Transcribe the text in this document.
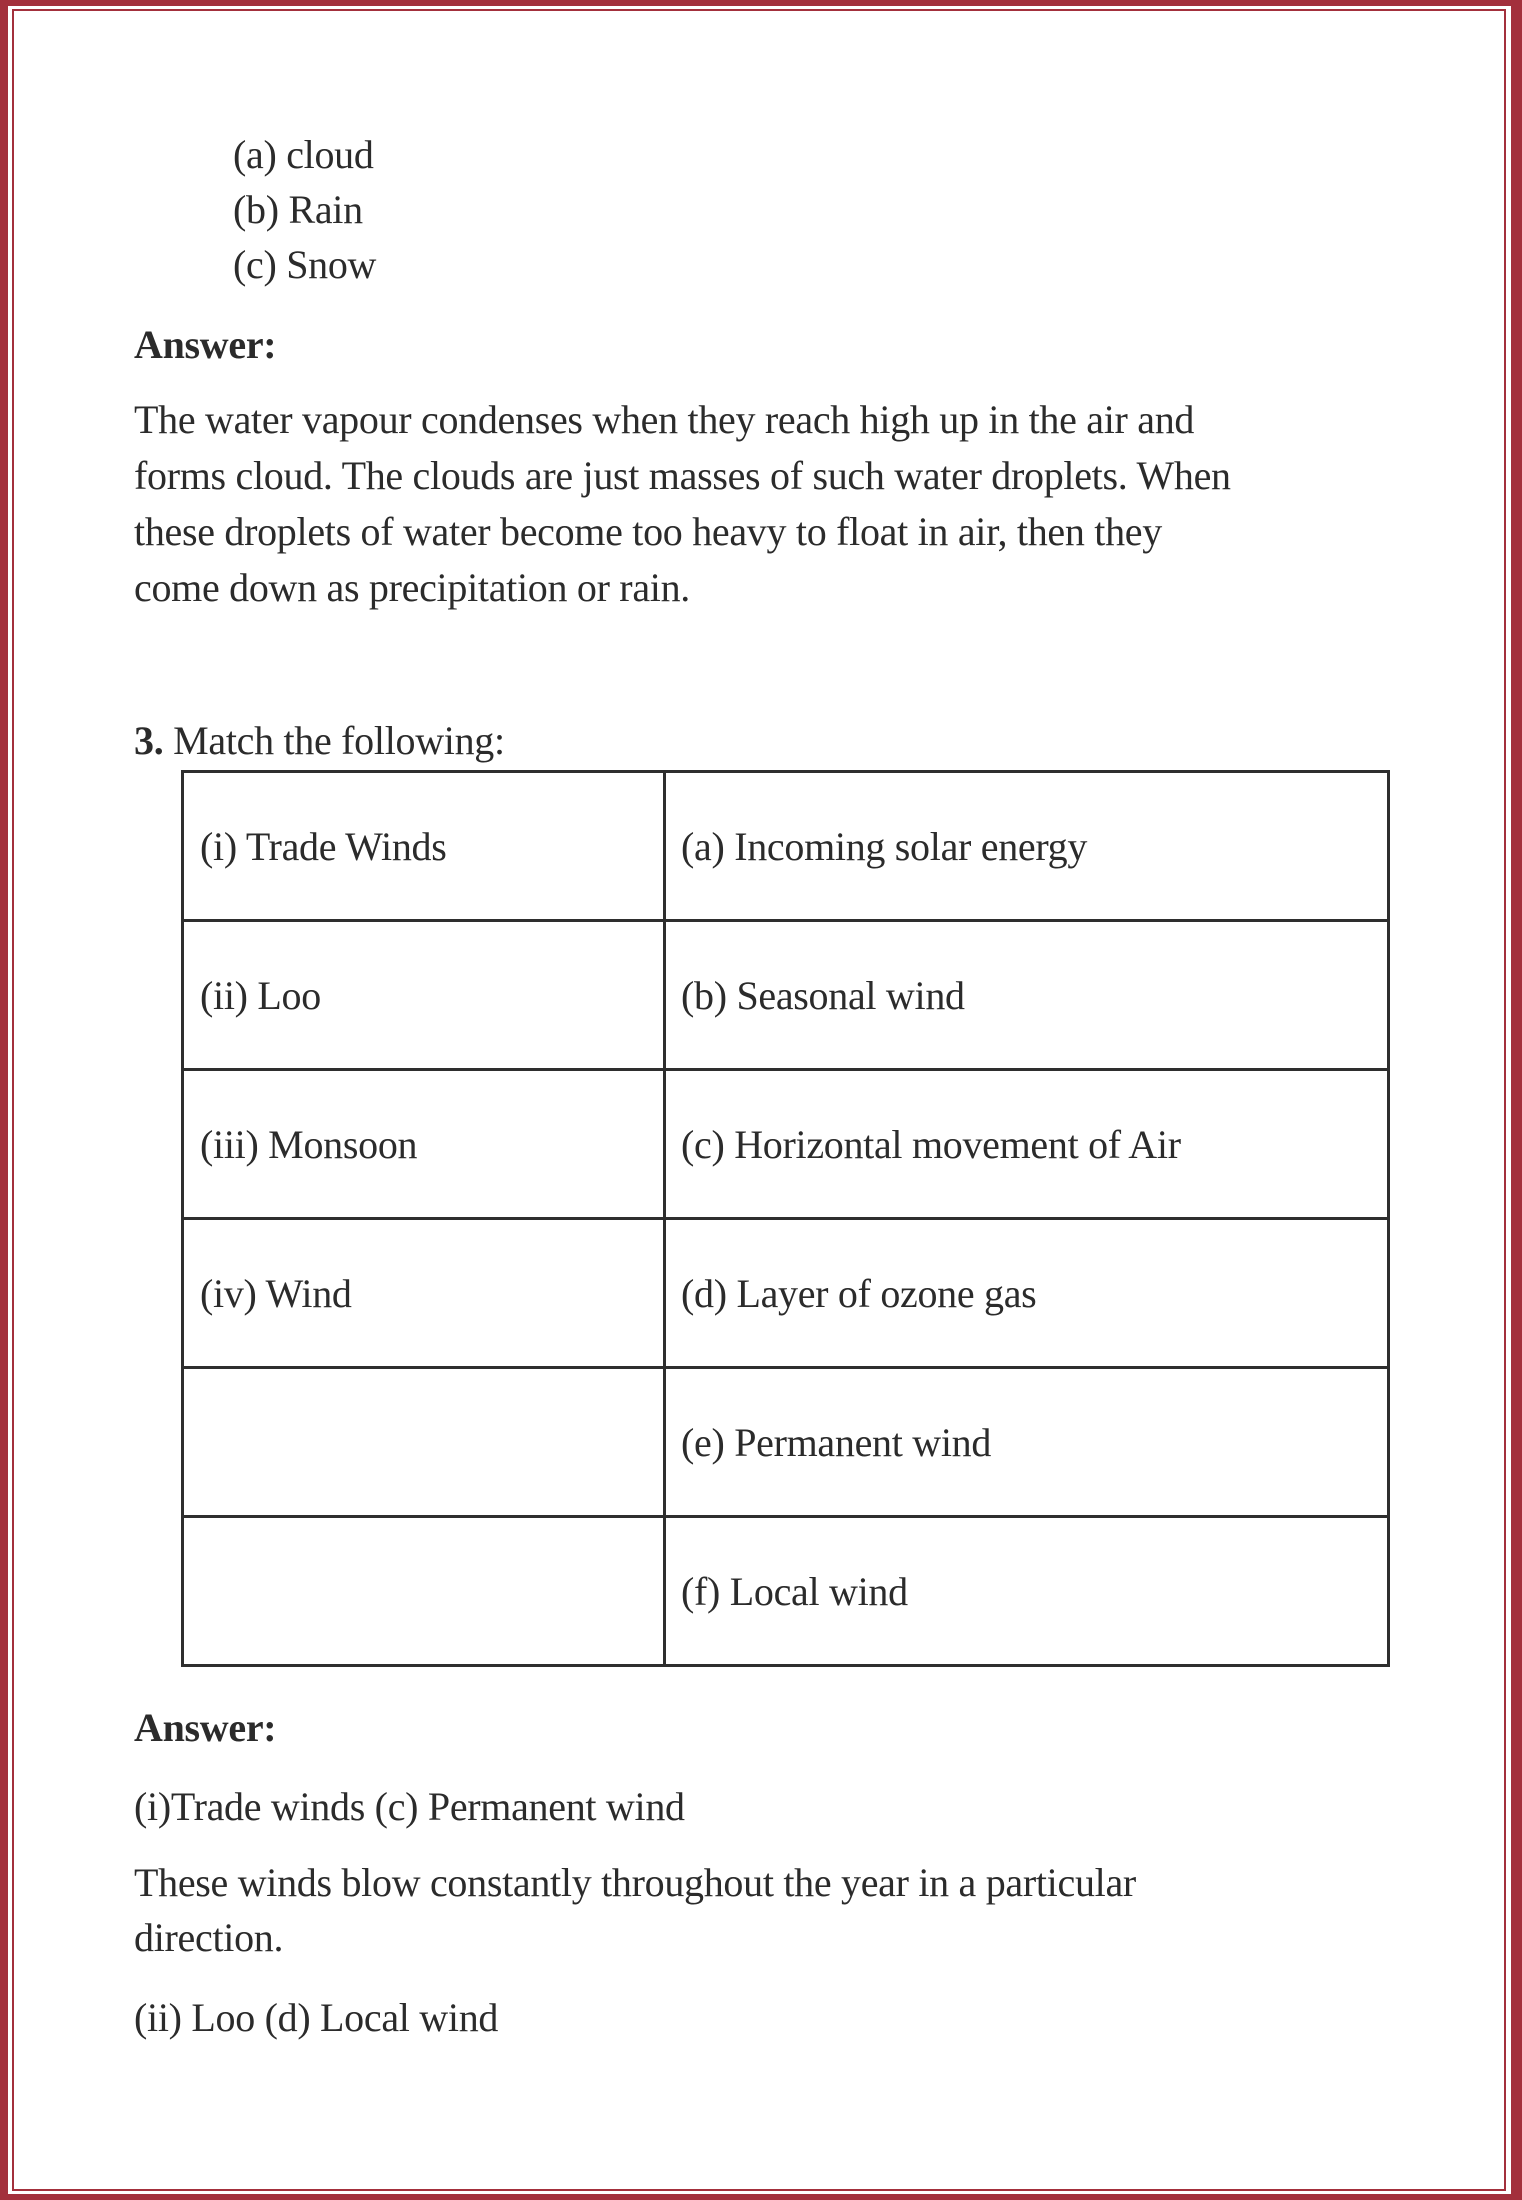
(a) cloud
(b) Rain
(c) Snow
Answer:
The water vapour condenses when they reach high up in the air and
forms cloud. The clouds are just masses of such water droplets. When
these droplets of water become too heavy to float in air, then they
come down as precipitation or rain.
3. Match the following:
(i) Trade Winds	(a) Incoming solar energy
(ii) Loo	(b) Seasonal wind
(iii) Monsoon	(c) Horizontal movement of Air
(iv) Wind	(d) Layer of ozone gas
	(e) Permanent wind
	(f) Local wind
Answer:
(i)Trade winds (c) Permanent wind
These winds blow constantly throughout the year in a particular
direction.
(ii) Loo (d) Local wind
